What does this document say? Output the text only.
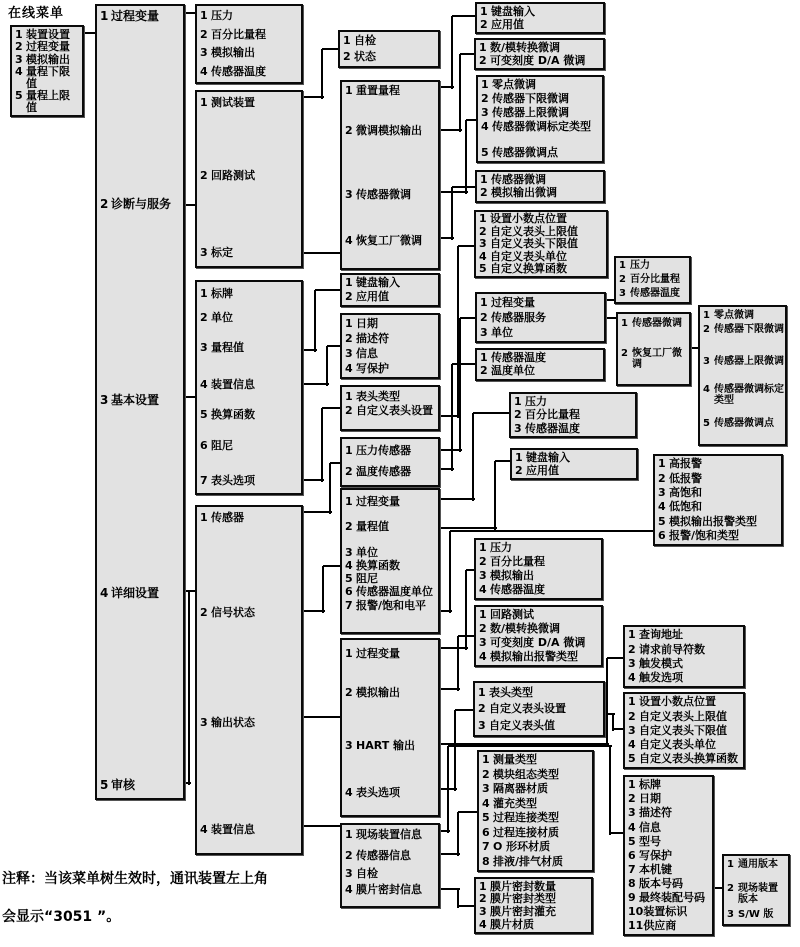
在线菜单
1 装置设置
2 过程变量
3 模拟输出
4 量程下限值
5 量程上限值
1 过程变量
2 诊断与服务
3 基本设置
4 详细设置
5 审核
1 压力
2 百分比量程
3 模拟输出
4 传感器温度
1 测试装置
2 回路测试
3 标定
1 标牌
2 单位
3 量程值
4 装置信息
5 换算函数
6 阻尼
7 表头选项
1 传感器
2 信号状态
3 输出状态
4 装置信息
1 自检
2 状态
1 重置量程
2 微调模拟输出
3 传感器微调
4 恢复工厂微调
1 键盘输入
2 应用值
1 日期
2 描述符
3 信息
4 写保护
1 表头类型
2 自定义表头设置
1 压力传感器
2 温度传感器
1 过程变量
2 量程值
3 单位
4 换算函数
5 阻尼
6 传感器温度单位
7 报警/饱和电平
1 过程变量
2 模拟输出
3 HART 输出
4 表头选项
1 现场装置信息
2 传感器信息
3 自检
4 膜片密封信息
1 键盘输入
2 应用值
1 数/模转换微调
2 可变刻度 D/A 微调
1 零点微调
2 传感器下限微调
3 传感器上限微调
4 传感器微调标定类型
5 传感器微调点
1 传感器微调
2 模拟输出微调
1 设置小数点位置
2 自定义表头上限值
3 自定义表头下限值
4 自定义表头单位
5 自定义换算函数
1 过程变量
2 传感器服务
3 单位
1 传感器温度
2 温度单位
1 压力
2 百分比量程
3 传感器温度
1 键盘输入
2 应用值
1 压力
2 百分比量程
3 模拟输出
4 传感器温度
1 回路测试
2 数/模转换微调
3 可变刻度 D/A 微调
4 模拟输出报警类型
1 表头类型
2 自定义表头设置
3 自定义表头值
1 测量类型
2 模块组态类型
3 隔离器材质
4 灌充类型
5 过程连接类型
6 过程连接材质
7 O 形环材质
8 排液/排气材质
1 膜片密封数量
2 膜片密封类型
3 膜片密封灌充
4 膜片材质
1 压力
2 百分比量程
3 传感器温度
1 传感器微调
2 恢复工厂微调
1 零点微调
2 传感器下限微调
3 传感器上限微调
4 传感器微调标定类型
5 传感器微调点
1 高报警
2 低报警
3 高饱和
4 低饱和
5 模拟输出报警类型
6 报警/饱和类型
1 查询地址
2 请求前导符数
3 触发模式
4 触发选项
1 设置小数点位置
2 自定义表头上限值
3 自定义表头下限值
4 自定义表头单位
5 自定义表头换算函数
1 标牌
2 日期
3 描述符
4 信息
5 型号
6 写保护
7 本机键
8 版本号码
9 最终装配号码
10 装置标识
11 供应商
1 通用版本
2 现场装置版本
3 S/W 版
注释：当该菜单树生效时，通讯装置左上角

会显示“3051 ”。
